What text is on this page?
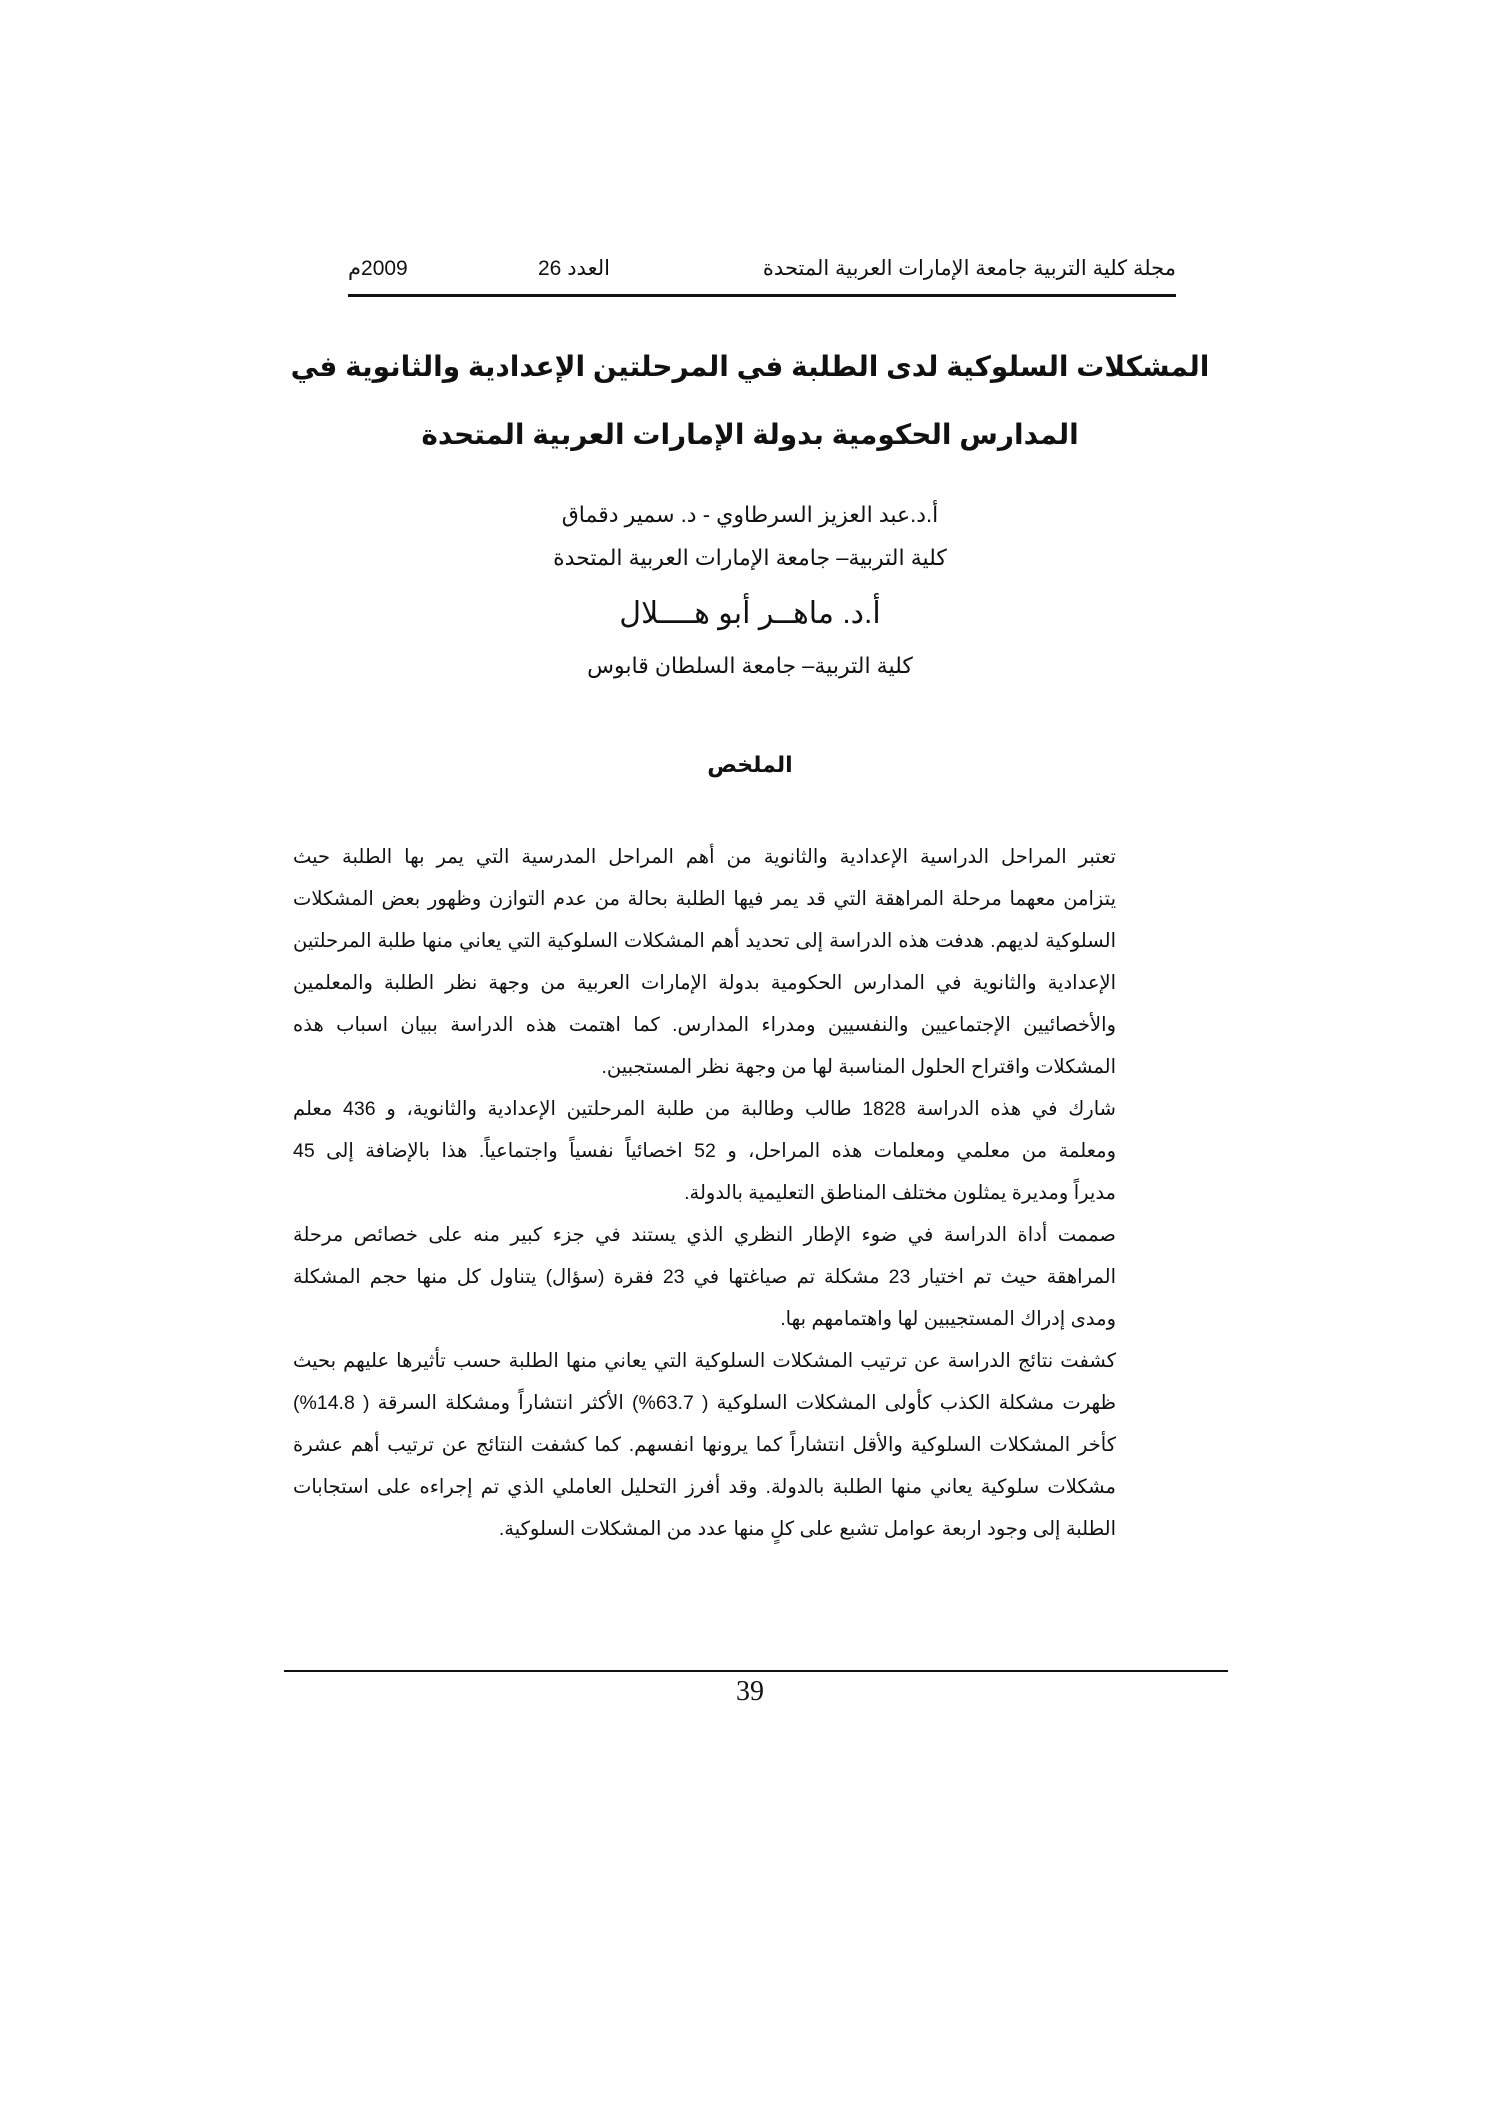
مجلة كلية التربية جامعة الإمارات العربية المتحدة
العدد 26
2009م
المشكلات السلوكية لدى الطلبة في المرحلتين الإعدادية والثانوية في
المدارس الحكومية بدولة الإمارات العربية المتحدة
أ.د.عبد العزيز السرطاوي - د. سمير دقماق
كلية التربية– جامعة الإمارات العربية المتحدة
أ.د. ماهــر أبو هــــلال
كلية التربية– جامعة السلطان قابوس
الملخص
تعتبر المراحل الدراسية الإعدادية والثانوية من أهم المراحل المدرسية التي يمر بها الطلبة حيث
يتزامن معهما مرحلة المراهقة التي قد يمر فيها الطلبة بحالة من عدم التوازن وظهور بعض المشكلات
السلوكية لديهم. هدفت هذه الدراسة إلى تحديد أهم المشكلات السلوكية التي يعاني منها طلبة المرحلتين
الإعدادية والثانوية في المدارس الحكومية بدولة الإمارات العربية من وجهة نظر الطلبة والمعلمين
والأخصائيين الإجتماعيين والنفسيين ومدراء المدارس. كما اهتمت هذه الدراسة ببيان اسباب هذه
المشكلات واقتراح الحلول المناسبة لها من وجهة نظر المستجبين.
شارك في هذه الدراسة 1828 طالب وطالبة من طلبة المرحلتين الإعدادية والثانوية، و 436 معلم
ومعلمة من معلمي ومعلمات هذه المراحل، و 52 اخصائياً نفسياً واجتماعياً. هذا بالإضافة إلى 45
مديراً ومديرة يمثلون مختلف المناطق التعليمية بالدولة.
صممت أداة الدراسة في ضوء الإطار النظري الذي يستند في جزء كبير منه على خصائص مرحلة
المراهقة حيث تم اختيار 23 مشكلة تم صياغتها في 23 فقرة (سؤال) يتناول كل منها حجم المشكلة
ومدى إدراك المستجيبين لها واهتمامهم بها.
كشفت نتائج الدراسة عن ترتيب المشكلات السلوكية التي يعاني منها الطلبة حسب تأثيرها عليهم بحيث
ظهرت مشكلة الكذب كأولى المشكلات السلوكية ( 63.7%) الأكثر انتشاراً ومشكلة السرقة ( 14.8%)
كأخر المشكلات السلوكية والأقل انتشاراً كما يرونها انفسهم. كما كشفت النتائج عن ترتيب أهم عشرة
مشكلات سلوكية يعاني منها الطلبة بالدولة. وقد أفرز التحليل العاملي الذي تم إجراءه على استجابات
الطلبة إلى وجود اربعة عوامل تشبع على كلٍ منها عدد من المشكلات السلوكية.
39
